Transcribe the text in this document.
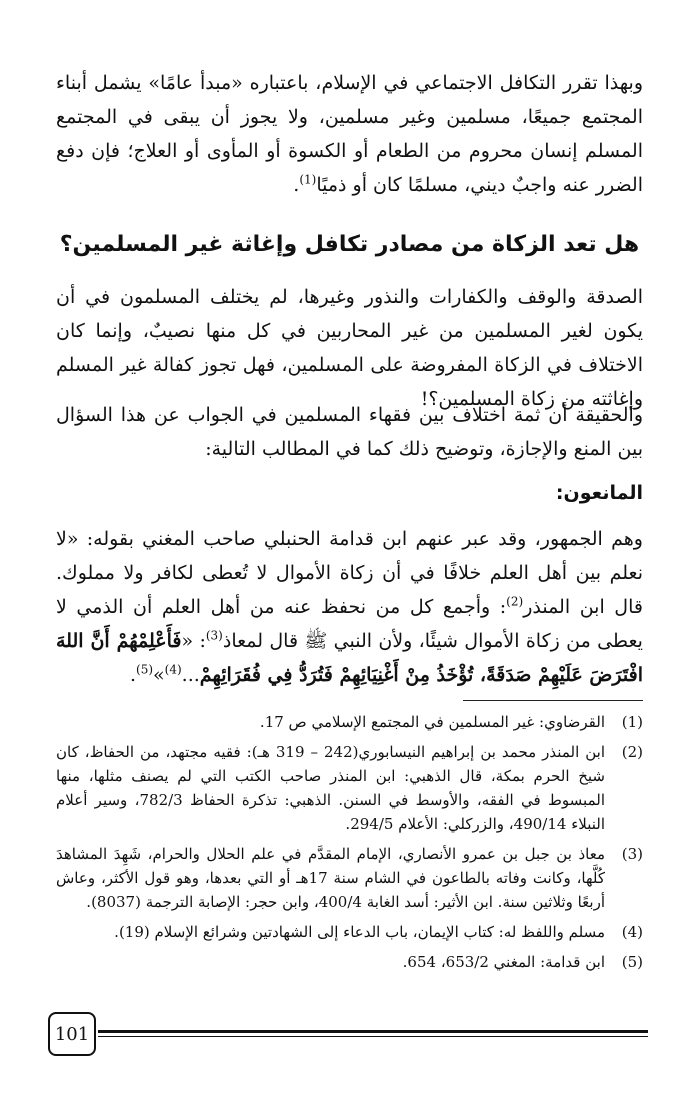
وبهذا تقرر التكافل الاجتماعي في الإسلام، باعتباره «مبدأ عامًا» يشمل أبناء المجتمع جميعًا، مسلمين وغير مسلمين، ولا يجوز أن يبقى في المجتمع المسلم إنسان محروم من الطعام أو الكسوة أو المأوى أو العلاج؛ فإن دفع الضرر عنه واجبٌ ديني، مسلمًا كان أو ذميًا$^{(1)}$.

هل تعد الزكاة من مصادر تكافل وإغاثة غير المسلمين؟

الصدقة والوقف والكفارات والنذور وغيرها، لم يختلف المسلمون في أن يكون لغير المسلمين من غير المحاربين في كل منها نصيبٌ، وإنما كان الاختلاف في الزكاة المفروضة على المسلمين، فهل تجوز كفالة غير المسلم وإغاثته من زكاة المسلمين؟!

والحقيقة أن ثمة اختلاف بين فقهاء المسلمين في الجواب عن هذا السؤال بين المنع والإجازة، وتوضيح ذلك كما في المطالب التالية:

المانعون:

وهم الجمهور، وقد عبر عنهم ابن قدامة الحنبلي صاحب المغني بقوله: «لا نعلم بين أهل العلم خلافًا في أن زكاة الأموال لا تُعطى لكافر ولا مملوك. قال ابن المنذر$^{(2)}$: وأجمع كل من نحفظ عنه من أهل العلم أن الذمي لا يعطى من زكاة الأموال شيئًا، ولأن النبي ﷺ قال لمعاذ$^{(3)}$: «فَأَعْلِمْهُمْ أَنَّ اللهَ افْتَرَضَ عَلَيْهِمْ صَدَقَةً، تُؤْخَذُ مِنْ أَغْنِيَائِهِمْ فَتُرَدُّ فِي فُقَرَائِهِمْ...$^{(4)}$»$^{(5)}$.

(1)
القرضاوي: غير المسلمين في المجتمع الإسلامي ص 17.
(2)
ابن المنذر محمد بن إبراهيم النيسابوري(242 – 319 هـ): فقيه مجتهد، من الحفاظ، كان شيخ الحرم بمكة، قال الذهبي: ابن المنذر صاحب الكتب التي لم يصنف مثلها، منها المبسوط في الفقه، والأوسط في السنن. الذهبي: تذكرة الحفاظ 782/3، وسير أعلام النبلاء 490/14، والزركلي: الأعلام 294/5.
(3)
معاذ بن جبل بن عمرو الأنصاري، الإمام المقدَّم في علم الحلال والحرام، شَهِدَ المشاهدَ كُلَّها، وكانت وفاته بالطاعون في الشام سنة 17هـ أو التي بعدها، وهو قول الأكثر، وعاش أربعًا وثلاثين سنة. ابن الأثير: أسد الغابة 400/4، وابن حجر: الإصابة الترجمة (8037).
(4)
مسلم واللفظ له: كتاب الإيمان، باب الدعاء إلى الشهادتين وشرائع الإسلام (19).
(5)
ابن قدامة: المغني 653/2، 654.
101
